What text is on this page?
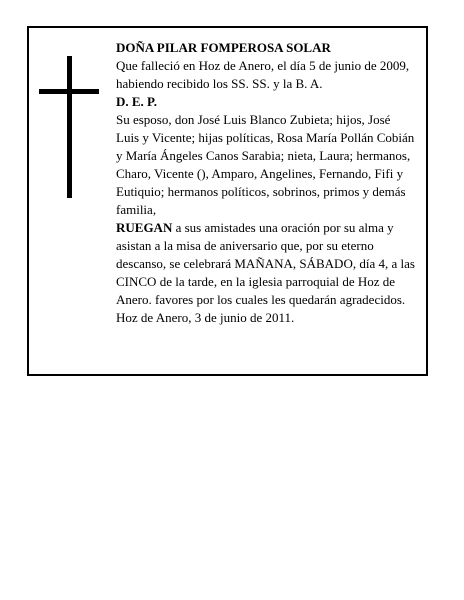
DOÑA PILAR FOMPEROSA SOLAR

Que falleció en Hoz de Anero, el día 5 de junio de 2009, habiendo recibido los SS. SS. y la B. A.

D. E. P.

Su esposo, don José Luis Blanco Zubieta; hijos, José Luis y Vicente; hijas políticas, Rosa María Pollán Cobián y María Ángeles Canos Sarabia; nieta, Laura; hermanos, Charo, Vicente (), Amparo, Angelines, Fernando, Fifi y Eutiquio; hermanos políticos, sobrinos, primos y demás familia,

RUEGAN a sus amistades una oración por su alma y asistan a la misa de aniversario que, por su eterno descanso, se celebrará MAÑANA, SÁBADO, día 4, a las CINCO de la tarde, en la iglesia parroquial de Hoz de Anero. favores por los cuales les quedarán agradecidos.

Hoz de Anero, 3 de junio de 2011.
